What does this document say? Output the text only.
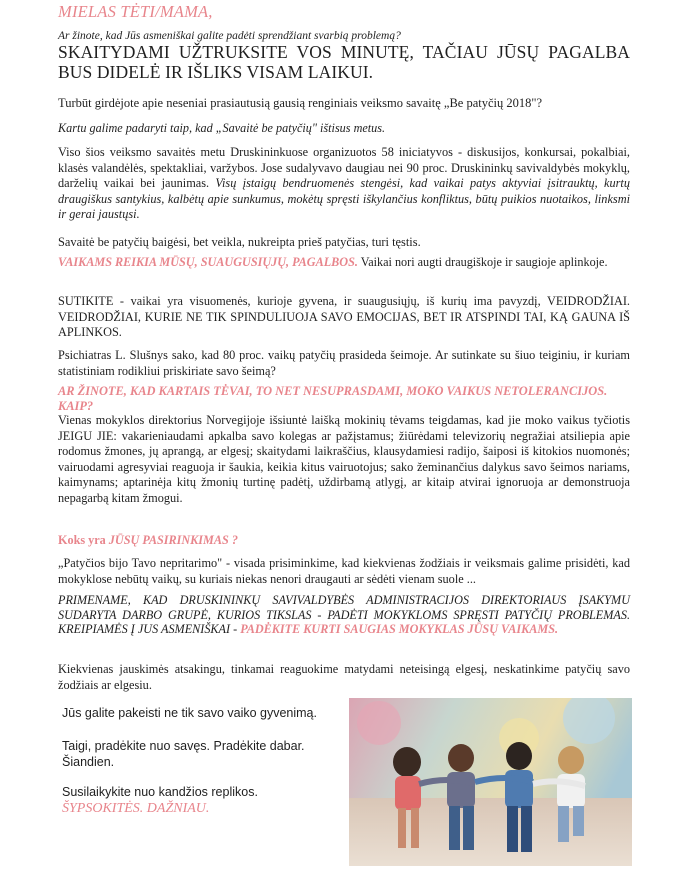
MIELAS TĖTI/MAMA,

Ar žinote, kad Jūs asmeniškai galite padėti sprendžiant svarbią problemą?

SKAITYDAMI UŽTRUKSITE VOS MINUTĘ, TAČIAU JŪSŲ PAGALBA BUS DIDELĖ IR IŠLIKS VISAM LAIKUI.

Turbūt girdėjote apie neseniai prasiautusią gausią renginiais veiksmo savaitę „Be patyčių 2018"?

Kartu galime padaryti taip, kad „Savaitė be patyčių" ištisus metus.

Viso šios veiksmo savaitės metu Druskininkuose organizuotos 58 iniciatyvos - diskusijos, konkursai, pokalbiai, klasės valandėlės, spektakliai, varžybos. Jose sudalyvavo daugiau nei 90 proc. Druskininkų savivaldybės mokyklų, darželių vaikai bei jaunimas. Visų įstaigų bendruomenės stengėsi, kad vaikai patys aktyviai įsitrauktų, kurtų draugiškus santykius, kalbėtų apie sunkumus, mokėtų spręsti iškylančius konfliktus, būtų puikios nuotaikos, linksmi ir gerai jaustųsi.

Savaitė be patyčių baigėsi, bet veikla, nukreipta prieš patyčias, turi tęstis.

VAIKAMS REIKIA MŪSŲ, SUAUGUSIŲJŲ, PAGALBOS. Vaikai nori augti draugiškoje ir saugioje aplinkoje.

SUTIKITE - vaikai yra visuomenės, kurioje gyvena, ir suaugusiųjų, iš kurių ima pavyzdį, VEIDRODŽIAI. VEIDRODŽIAI, KURIE NE TIK SPINDULIUOJA SAVO EMOCIJAS, BET IR ATSPINDI TAI, KĄ GAUNA IŠ APLINKOS.

Psichiatras L. Slušnys sako, kad 80 proc. vaikų patyčių prasideda šeimoje. Ar sutinkate su šiuo teiginiu, ir kuriam statistiniam rodikliui priskiriate savo šeimą?

AR ŽINOTE, KAD KARTAIS TĖVAI, TO NET NESUPRASDAMI, MOKO VAIKUS NETOLERANCIJOS. KAIP?

Vienas mokyklos direktorius Norvegijoje išsiuntė laišką mokinių tėvams teigdamas, kad jie moko vaikus tyčiotis JEIGU JIE: vakarieniaudami apkalba savo kolegas ar pažįstamus; žiūrėdami televizorių negražiai atsiliepia apie rodomus žmones, jų aprangą, ar elgesį; skaitydami laikraščius, klausydamiesi radijo, šaiposi iš kitokios nuomonės; vairuodami agresyviai reaguoja ir šaukia, keikia kitus vairuotojus; sako žeminančius dalykus savo šeimos nariams, kaimynams; aptarinėja kitų žmonių turtinę padėtį, uždirbamą atlygį, ar kitaip atvirai ignoruoja ar demonstruoja nepagarbą kitam žmogui.

Koks yra JŪSŲ PASIRINKIMAS ?

„Patyčios bijo Tavo nepritarimo" - visada prisiminkime, kad kiekvienas žodžiais ir veiksmais galime prisidėti, kad mokyklose nebūtų vaikų, su kuriais niekas nenori draugauti ar sėdėti vienam suole ...

PRIMENAME, KAD DRUSKININKŲ SAVIVALDYBĖS ADMINISTRACIJOS DIREKTORIAUS ĮSAKYMU SUDARYTA DARBO GRUPĖ, KURIOS TIKSLAS - PADĖTI MOKYKLOMS SPRĘSTI PATYČIŲ PROBLEMAS. KREIPIAMĖS Į JUS ASMENIŠKAI - PADĖKITE KURTI SAUGIAS MOKYKLAS JŪSŲ VAIKAMS.

Kiekvienas jauskimės atsakingu, tinkamai reaguokime matydami neteisingą elgesį, neskatinkime patyčių savo žodžiais ar elgesiu.

Jūs galite pakeisti ne tik savo vaiko gyvenimą.
Taigi, pradėkite nuo savęs. Pradėkite dabar.
Šiandien.
Susilaikykite nuo kandžios replikos.
ŠYPSOKITĖS. DAŽNIAU.
